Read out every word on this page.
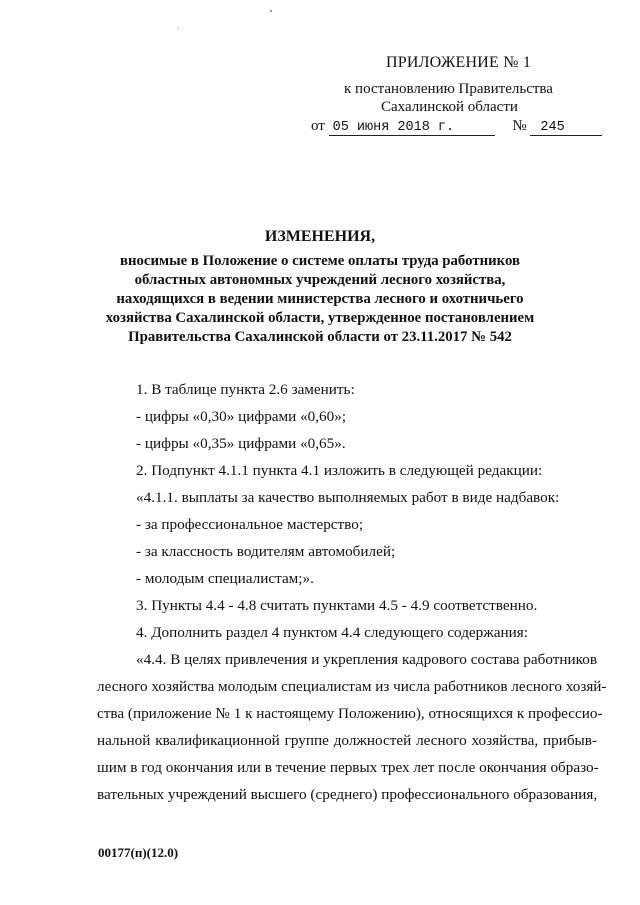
ПРИЛОЖЕНИЕ № 1
к постановлению Правительства
Сахалинской области
от 05 июня 2018 г.	№ 245
ИЗМЕНЕНИЯ,
вносимые в Положение о системе оплаты труда работников
областных автономных учреждений лесного хозяйства,
находящихся в ведении министерства лесного и охотничьего
хозяйства Сахалинской области, утвержденное постановлением
Правительства Сахалинской области от 23.11.2017 № 542
1. В таблице пункта 2.6 заменить:
- цифры «0,30» цифрами «0,60»;
- цифры «0,35» цифрами «0,65».
2. Подпункт 4.1.1 пункта 4.1 изложить в следующей редакции:
«4.1.1. выплаты за качество выполняемых работ в виде надбавок:
- за профессиональное мастерство;
- за классность водителям автомобилей;
- молодым специалистам;».
3. Пункты 4.4 - 4.8 считать пунктами 4.5 - 4.9 соответственно.
4. Дополнить раздел 4 пунктом 4.4 следующего содержания:
«4.4. В целях привлечения и укрепления кадрового состава работников
лесного хозяйства молодым специалистам из числа работников лесного хозяй-
ства (приложение № 1 к настоящему Положению), относящихся к профессио-
нальной квалификационной группе должностей лесного хозяйства, прибыв-
шим в год окончания или в течение первых трех лет после окончания образо-
вательных учреждений высшего (среднего) профессионального образования,
00177(п)(12.0)
